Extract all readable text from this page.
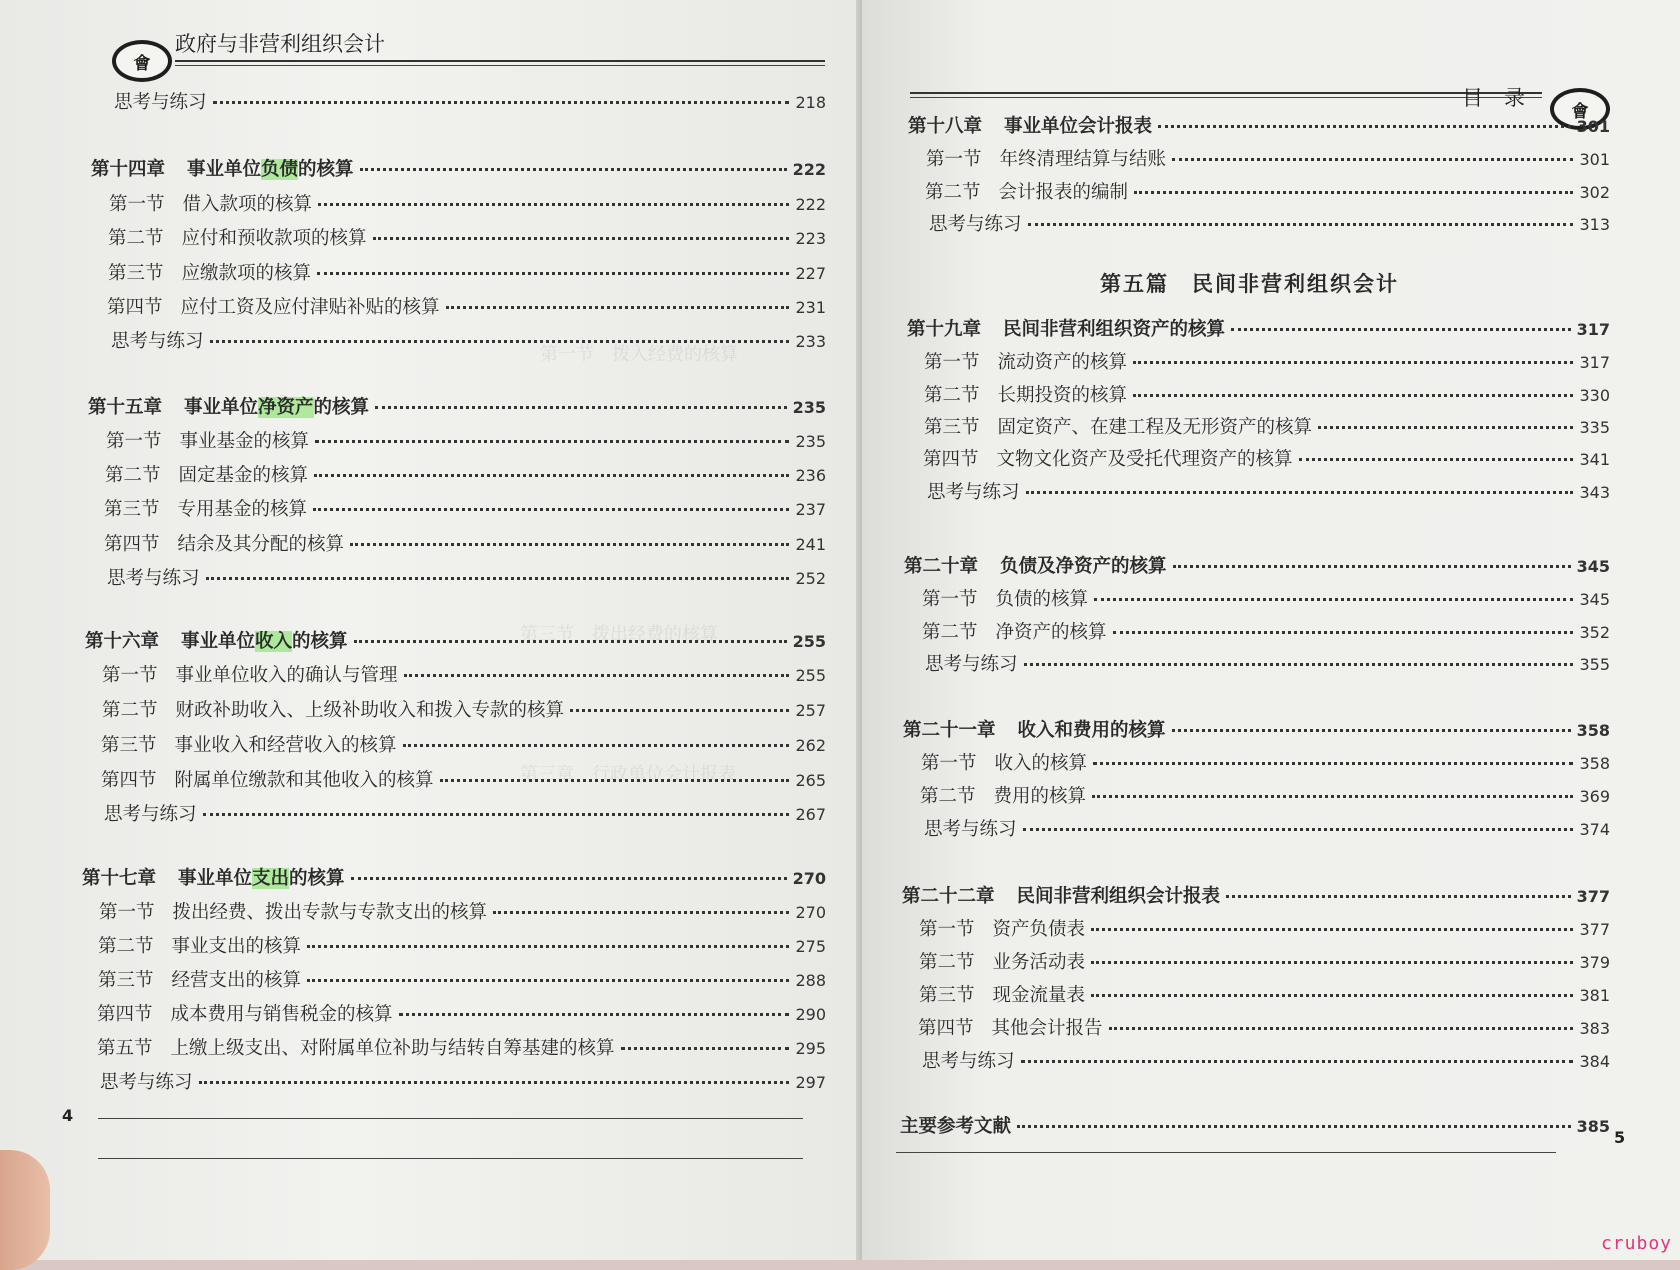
會
政府与非营利组织会计
第一节　拨入经费的核算
第三节　拨出经费的核算
第三章　行政单位会计报表
思考与练习	218
第十四章 事业单位负债的核算	222
第一节 借入款项的核算	222
第二节 应付和预收款项的核算	223
第三节 应缴款项的核算	227
第四节 应付工资及应付津贴补贴的核算	231
思考与练习	233
第十五章 事业单位净资产的核算	235
第一节 事业基金的核算	235
第二节 固定基金的核算	236
第三节 专用基金的核算	237
第四节 结余及其分配的核算	241
思考与练习	252
第十六章 事业单位收入的核算	255
第一节 事业单位收入的确认与管理	255
第二节 财政补助收入、上级补助收入和拨入专款的核算	257
第三节 事业收入和经营收入的核算	262
第四节 附属单位缴款和其他收入的核算	265
思考与练习	267
第十七章 事业单位支出的核算	270
第一节 拨出经费、拨出专款与专款支出的核算	270
第二节 事业支出的核算	275
第三节 经营支出的核算	288
第四节 成本费用与销售税金的核算	290
第五节 上缴上级支出、对附属单位补助与结转自筹基建的核算	295
思考与练习	297
4
目　录
會
第五篇　民间非营利组织会计
第十八章 事业单位会计报表	301
第一节 年终清理结算与结账	301
第二节 会计报表的编制	302
思考与练习	313
第十九章 民间非营利组织资产的核算	317
第一节 流动资产的核算	317
第二节 长期投资的核算	330
第三节 固定资产、在建工程及无形资产的核算	335
第四节 文物文化资产及受托代理资产的核算	341
思考与练习	343
第二十章 负债及净资产的核算	345
第一节 负债的核算	345
第二节 净资产的核算	352
思考与练习	355
第二十一章 收入和费用的核算	358
第一节 收入的核算	358
第二节 费用的核算	369
思考与练习	374
第二十二章 民间非营利组织会计报表	377
第一节 资产负债表	377
第二节 业务活动表	379
第三节 现金流量表	381
第四节 其他会计报告	383
思考与练习	384
主要参考文献	385
5
cruboy
